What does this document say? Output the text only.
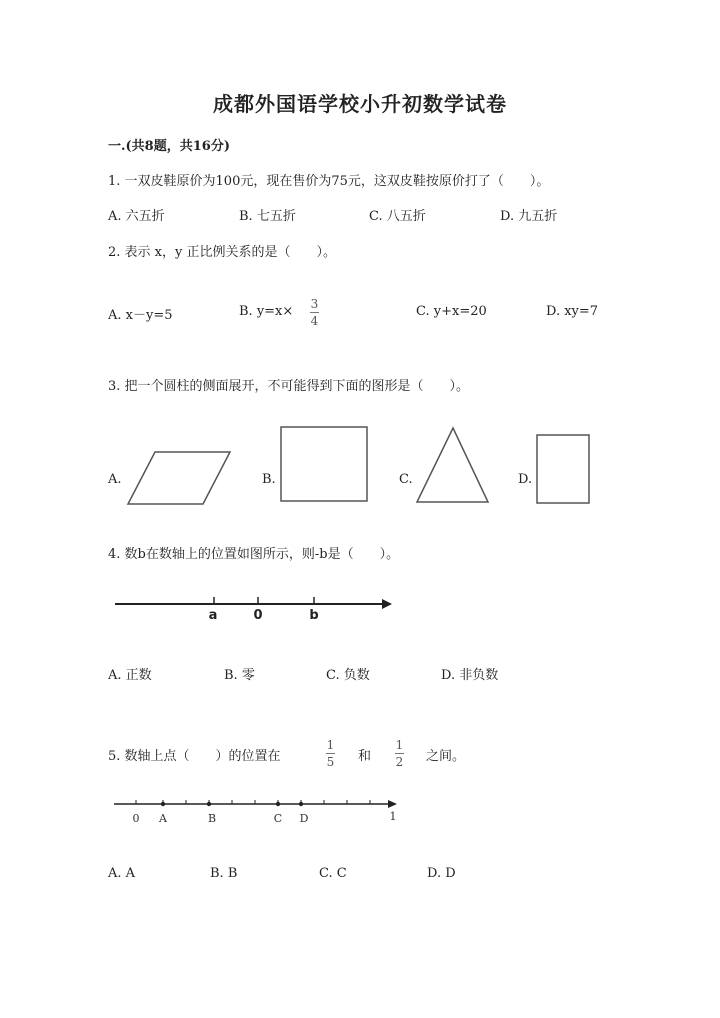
成都外国语学校小升初数学试卷
一.(共8题，共16分)
1. 一双皮鞋原价为100元，现在售价为75元，这双皮鞋按原价打了（　　）。
A. 六五折	B. 七五折	C. 八五折	D. 九五折
2. 表示 x，y 正比例关系的是（　　）。
A. x－y=5	B. y=x× 3
4
C. y+x=20	D. xy=7
3. 把一个圆柱的侧面展开，不可能得到下面的图形是（　　）。
A.	B.	C.	D.
4. 数b在数轴上的位置如图所示，则-b是（　　）。
a	0	b
A. 正数	B. 零	C. 负数	D. 非负数
5. 数轴上点（　　）的位置在
1
5 和
1
2 之间。
0 A	B	C D	1
A. A	B. B	C. C	D. D
